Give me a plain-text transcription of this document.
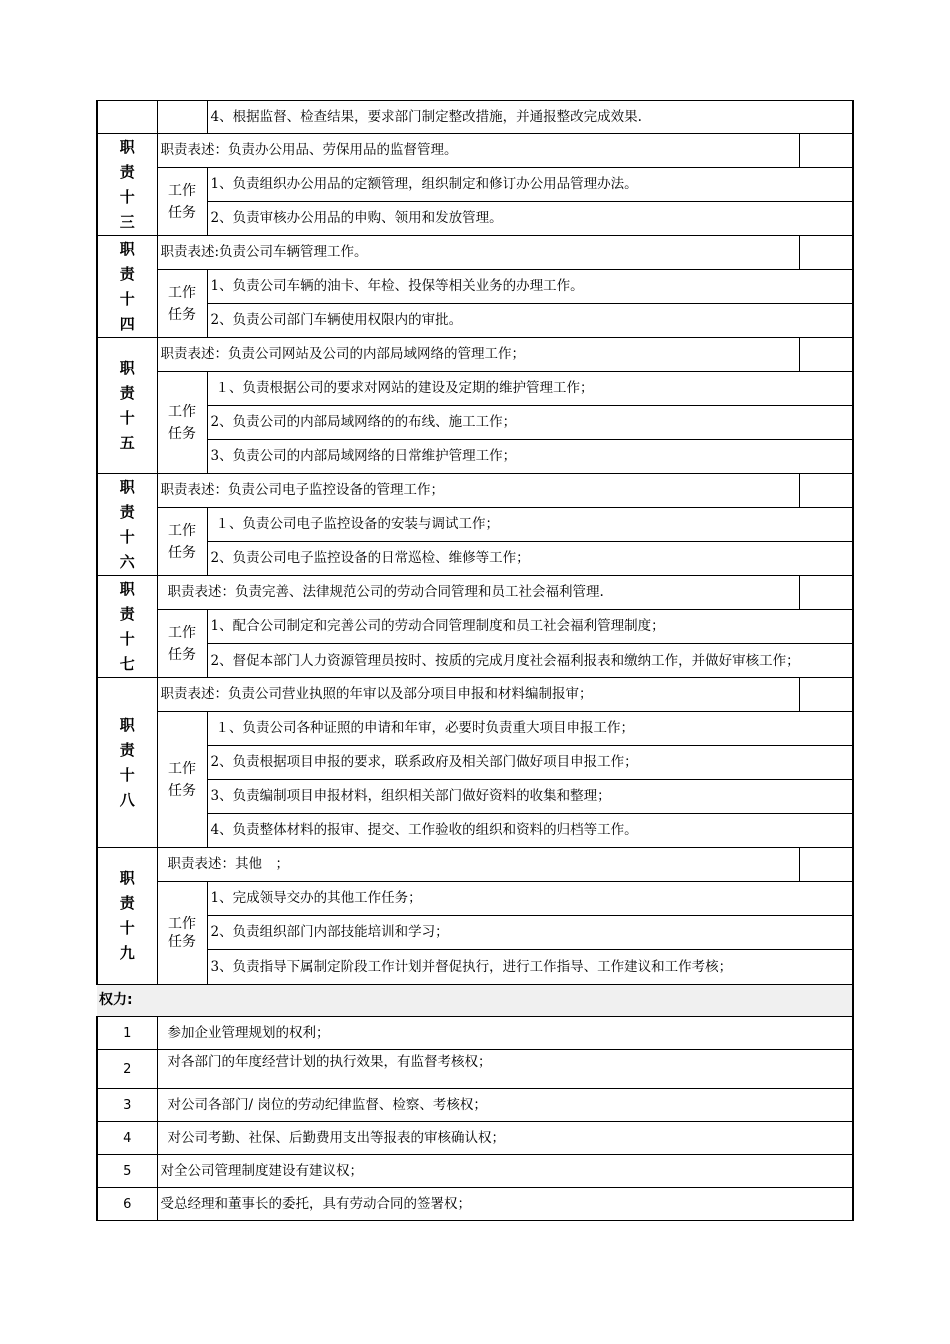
		4、根据监督、检查结果，要求部门制定整改措施，并通报整改完成效果.	

职
责
十
三	职责表述：负责办公用品、劳保用品的监督管理。		

	工作
任务	1、负责组织办公用品的定额管理，组织制定和修订办公用品管理办法。	
		2、负责审核办公用品的申购、领用和发放管理。	

职
责
十
四	职责表述:负责公司车辆管理工作。		

	工作
任务	1、负责公司车辆的油卡、年检、投保等相关业务的办理工作。	
		2、负责公司部门车辆使用权限内的审批。	

职
责
十
五	职责表述：负责公司网站及公司的内部局域网络的管理工作；		

	工作
任务	１、负责根据公司的要求对网站的建设及定期的维护管理工作；	
		2、负责公司的内部局域网络的的布线、施工工作；	
		3、负责公司的内部局域网络的日常维护管理工作；	

职
责
十
六	职责表述：负责公司电子监控设备的管理工作；		

	工作
任务	１、负责公司电子监控设备的安装与调试工作；	
		2、负责公司电子监控设备的日常巡检、维修等工作；	

职
责
十
七	职责表述：负责完善、法律规范公司的劳动合同管理和员工社会福利管理.		

	工作
任务	1、配合公司制定和完善公司的劳动合同管理制度和员工社会福利管理制度；	
		2、督促本部门人力资源管理员按时、按质的完成月度社会福利报表和缴纳工作，并做好审核工作；	

职
责
十
八	职责表述：负责公司营业执照的年审以及部分项目申报和材料编制报审；		

	工作
任务	１、负责公司各种证照的申请和年审，必要时负责重大项目申报工作；	
		2、负责根据项目申报的要求，联系政府及相关部门做好项目申报工作；	
		3、负责编制项目申报材料，组织相关部门做好资料的收集和整理；	
		4、负责整体材料的报审、提交、工作验收的组织和资料的归档等工作。	

职
责
十
九	职责表述：其他　；		

	工作
任务	1、完成领导交办的其他工作任务；	
		2、负责组织部门内部技能培训和学习；	
		3、负责指导下属制定阶段工作计划并督促执行，进行工作指导、工作建议和工作考核；	
权力:			
1	参加企业管理规划的权利；		
2	对各部门的年度经营计划的执行效果，有监督考核权；		
3	对公司各部门/ 岗位的劳动纪律监督、检察、考核权；		
4	对公司考勤、社保、后勤费用支出等报表的审核确认权；		
5	对全公司管理制度建设有建议权；		
6	受总经理和董事长的委托，具有劳动合同的签署权；		
